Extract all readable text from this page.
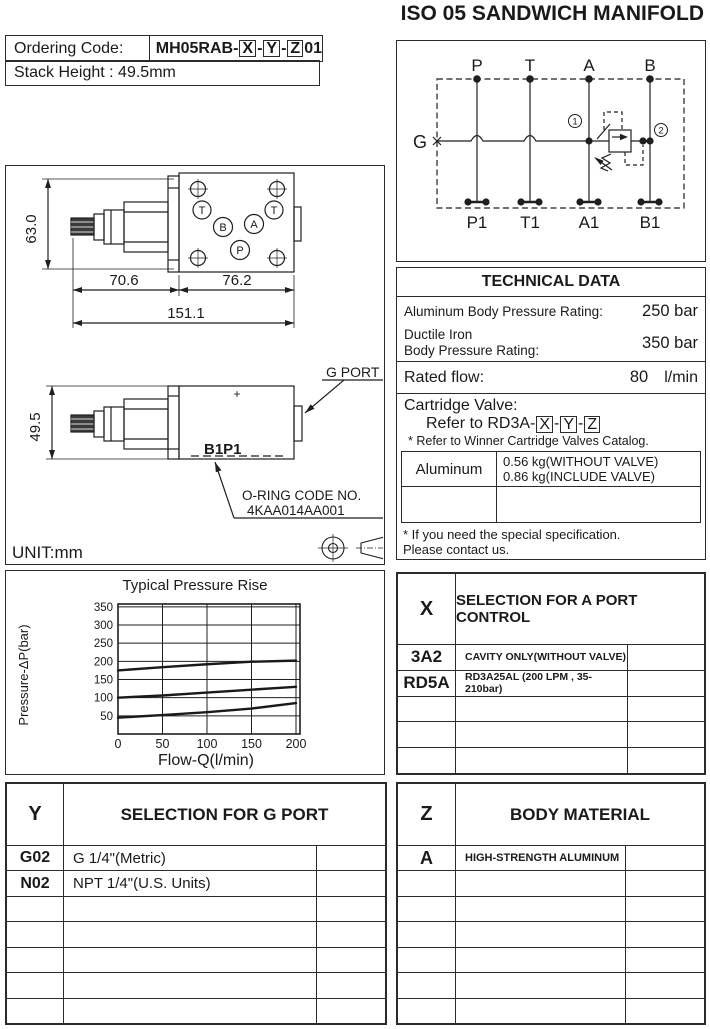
ISO 05 SANDWICH MANIFOLD
Ordering Code:	MH05RAB- X - Y - Z 01
Stack Height : 49.5mm
63.0
70.6	76.2
151.1
T	T
B A
P
49.5
+
B1P1
G PORT
O-RING CODE NO.
4KAA014AA001
UNIT:mm
Typical Pressure Rise
Pressure-ΔP(bar)
Flow-Q(l/min)
0	50 100 150 200
50
100
150
200
250
300
350
P T	A	B
P1 T1 A1 B1
G
1
2
TECHNICAL DATA
Aluminum Body Pressure Rating: 250 bar
Ductile Iron
Body Pressure Rating:	350 bar
Rated flow:	80 l/min
Cartridge Valve:
Refer to RD3A- X - Y - Z
* Refer to Winner Cartridge Valves Catalog.
Aluminum	0.56 kg(WITHOUT VALVE)
0.86 kg(INCLUDE VALVE)
* If you need the special specification.
Please contact us.
X	SELECTION FOR A PORT CONTROL
3A2	CAVITY ONLY(WITHOUT VALVE)
RD5A	RD3A25AL (200 LPM , 35-210bar)
Y	SELECTION FOR G PORT
G02	G 1/4"(Metric)
N02	NPT 1/4"(U.S. Units)
Z	BODY MATERIAL
A	HIGH-STRENGTH ALUMINUM
